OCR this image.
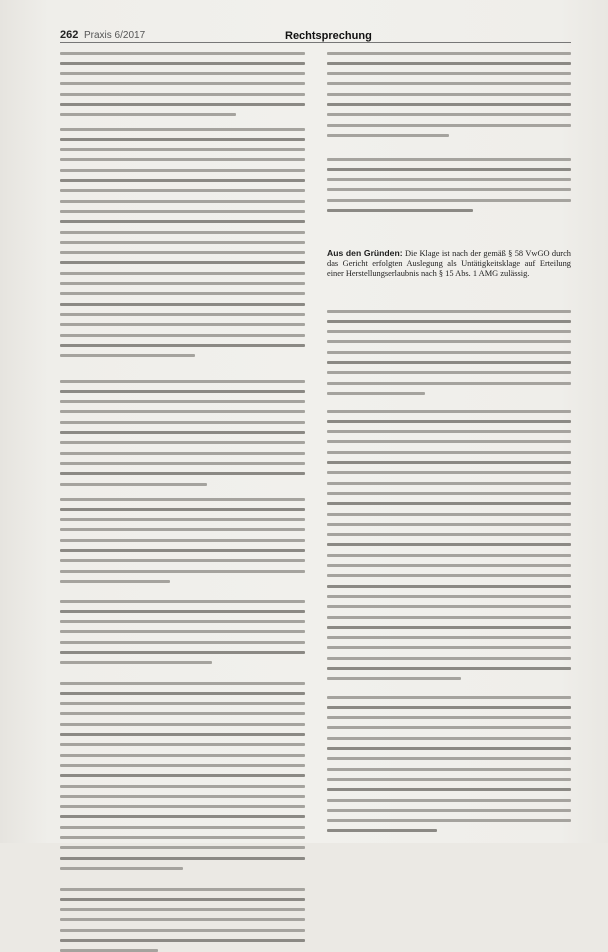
262 Praxis 6/2017	Rechtsprechung
Aus den Gründen: Die Klage ist nach der gemäß § 58 VwGO durch das Gericht erfolgten Auslegung als Untätigkeitsklage auf Erteilung einer Herstellungserlaubnis nach § 15 Abs. 1 AMG zulässig.
